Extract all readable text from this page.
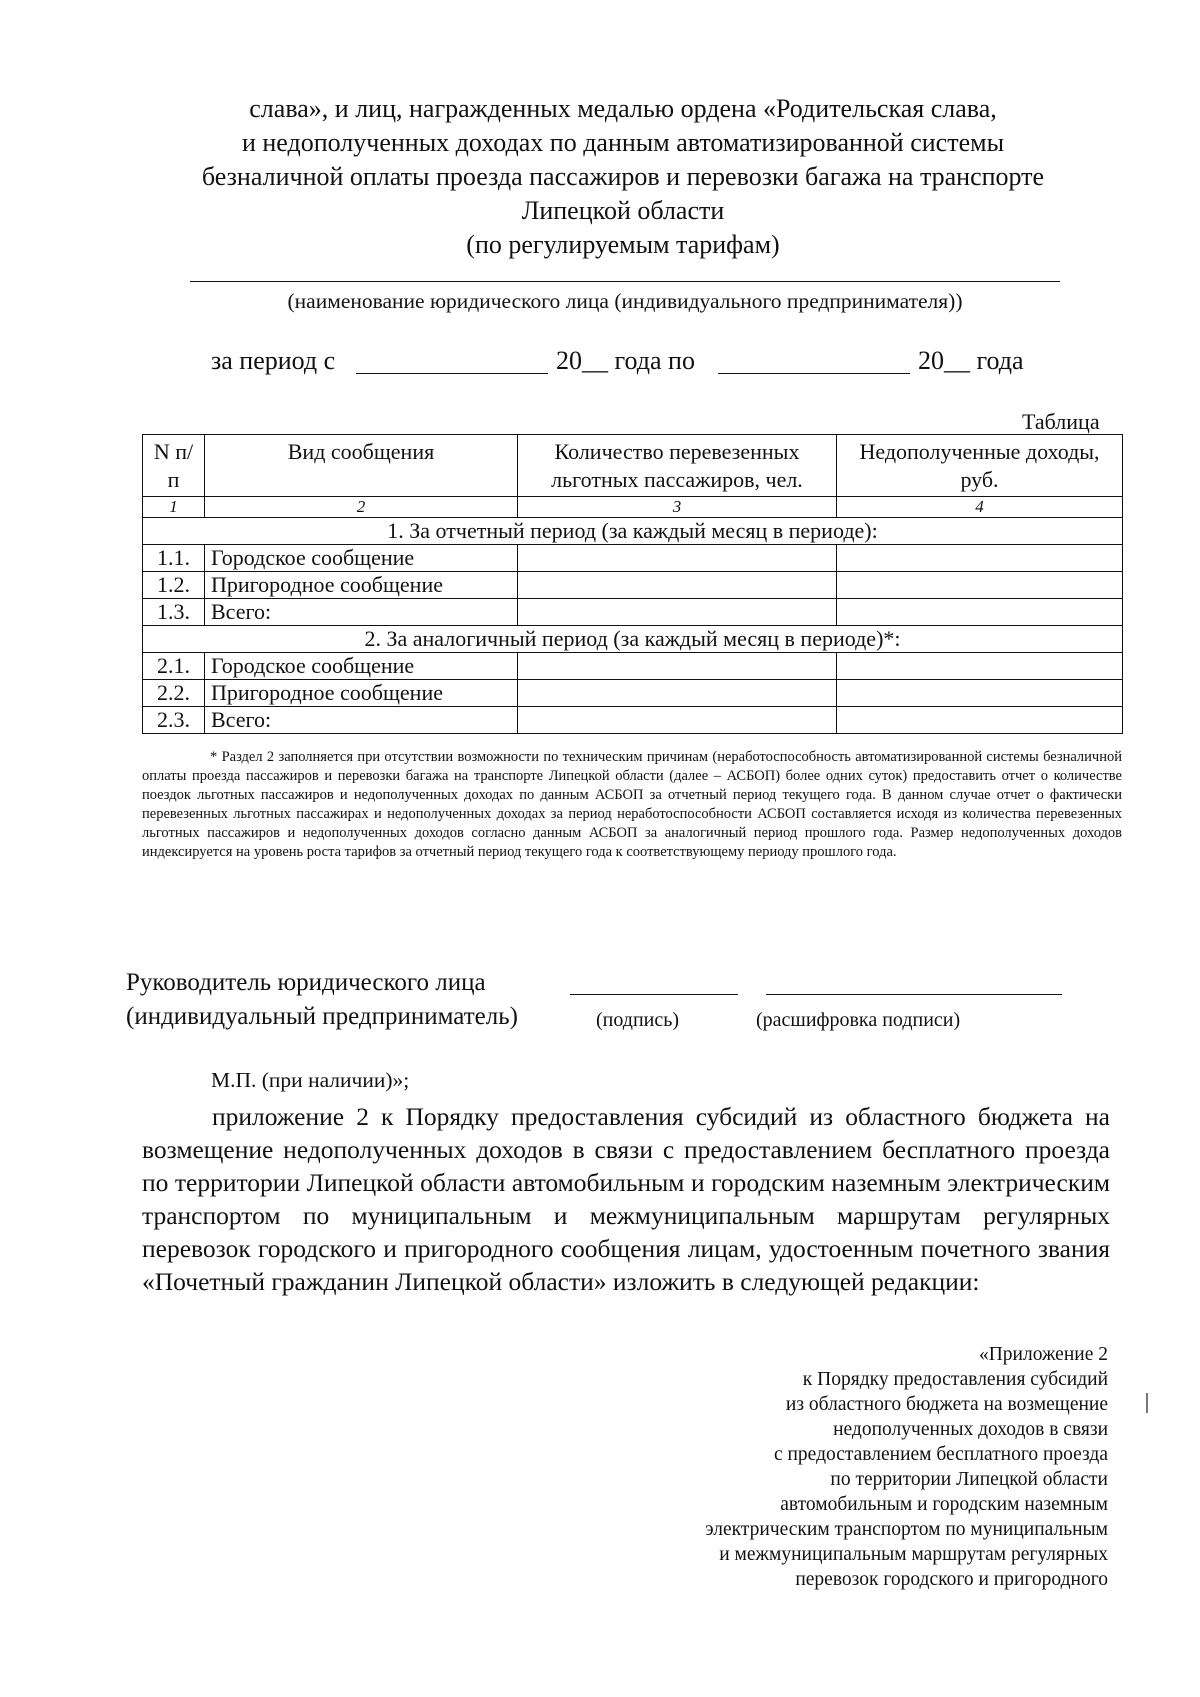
слава», и лиц, награжденных медалью ордена «Родительская слава,
и недополученных доходах по данным автоматизированной системы
безналичной оплаты проезда пассажиров и перевозки багажа на транспорте
Липецкой области
(по регулируемым тарифам)
(наименование юридического лица (индивидуального предпринимателя))
за период с	20__ года по	20__ года
Таблица
N п/п	Вид сообщения	Количество перевезенных льготных пассажиров, чел.	Недополученные доходы, руб.
1	2	3	4
1. За отчетный период (за каждый месяц в периоде):			
1.1.	Городское сообщение		
1.2.	Пригородное сообщение		
1.3.	Всего:		
2. За аналогичный период (за каждый месяц в периоде)*:			
2.1.	Городское сообщение		
2.2.	Пригородное сообщение		
2.3.	Всего:		
* Раздел 2 заполняется при отсутствии возможности по техническим причинам (неработоспособность автоматизированной системы безналичной оплаты проезда пассажиров и перевозки багажа на транспорте Липецкой области (далее – АСБОП) более одних суток) предоставить отчет о количестве поездок льготных пассажиров и недополученных доходах по данным АСБОП за отчетный период текущего года. В данном случае отчет о фактически перевезенных льготных пассажирах и недополученных доходах за период неработоспособности АСБОП составляется исходя из количества перевезенных льготных пассажиров и недополученных доходов согласно данным АСБОП за аналогичный период прошлого года. Размер недополученных доходов индексируется на уровень роста тарифов за отчетный период текущего года к соответствующему периоду прошлого года.
Руководитель юридического лица
(индивидуальный предприниматель)	(подпись)	(расшифровка подписи)
М.П. (при наличии)»;
приложение 2 к Порядку предоставления субсидий из областного бюджета на возмещение недополученных доходов в связи с предоставлением бесплатного проезда по территории Липецкой области автомобильным и городским наземным электрическим транспортом по муниципальным и межмуниципальным маршрутам регулярных перевозок городского и пригородного сообщения лицам, удостоенным почетного звания «Почетный гражданин Липецкой области» изложить в следующей редакции:
«Приложение 2
к Порядку предоставления субсидий
из областного бюджета на возмещение
недополученных доходов в связи
с предоставлением бесплатного проезда
по территории Липецкой области
автомобильным и городским наземным
электрическим транспортом по муниципальным
и межмуниципальным маршрутам регулярных
перевозок городского и пригородного
